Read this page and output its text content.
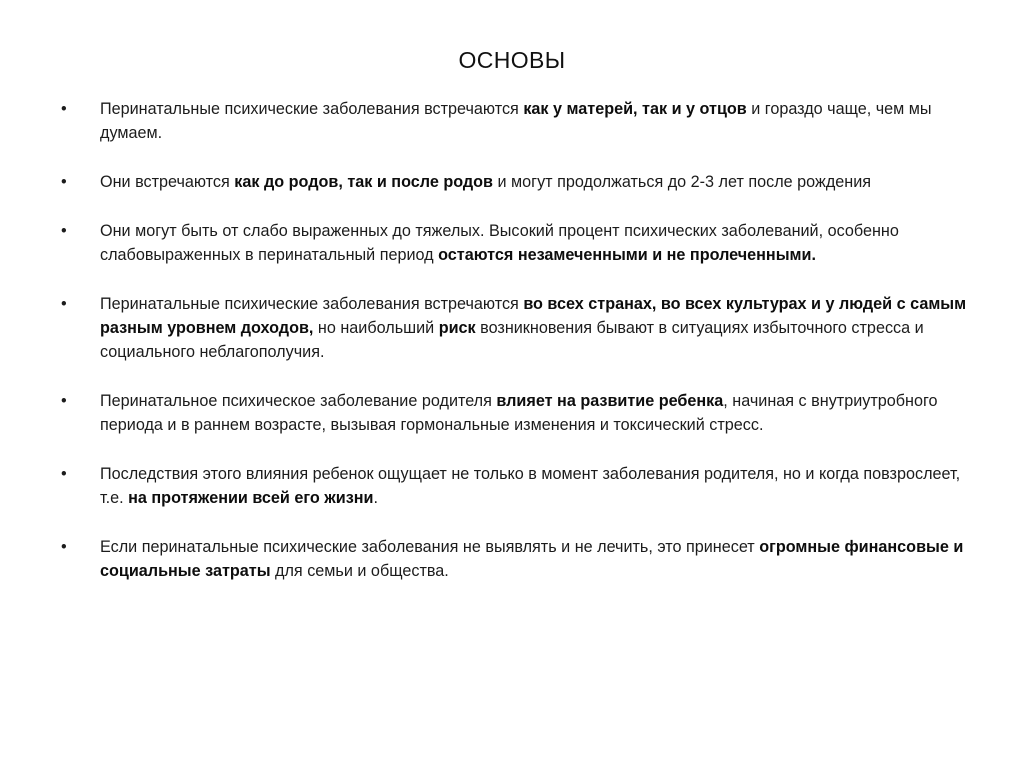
ОСНОВЫ
• Перинатальные психические заболевания встречаются как у матерей, так и у отцов и гораздо чаще, чем мы думаем.
• Они встречаются как до родов, так и после родов и могут продолжаться до 2-3 лет после рождения
• Они могут быть от слабо выраженных до тяжелых. Высокий процент психических заболеваний, особенно слабовыраженных в перинатальный период остаются незамеченными и не пролеченными.
• Перинатальные психические заболевания встречаются во всех странах, во всех культурах и у людей с самым разным уровнем доходов, но наибольший риск возникновения бывают в ситуациях избыточного стресса и социального неблагополучия.
• Перинатальное психическое заболевание родителя влияет на развитие ребенка, начиная с внутриутробного периода и в раннем возрасте, вызывая гормональные изменения и токсический стресс.
• Последствия этого влияния ребенок ощущает не только в момент заболевания родителя, но и когда повзрослеет, т.е. на протяжении всей его жизни.
• Если перинатальные психические заболевания не выявлять и не лечить, это принесет огромные финансовые и социальные затраты для семьи и общества.
